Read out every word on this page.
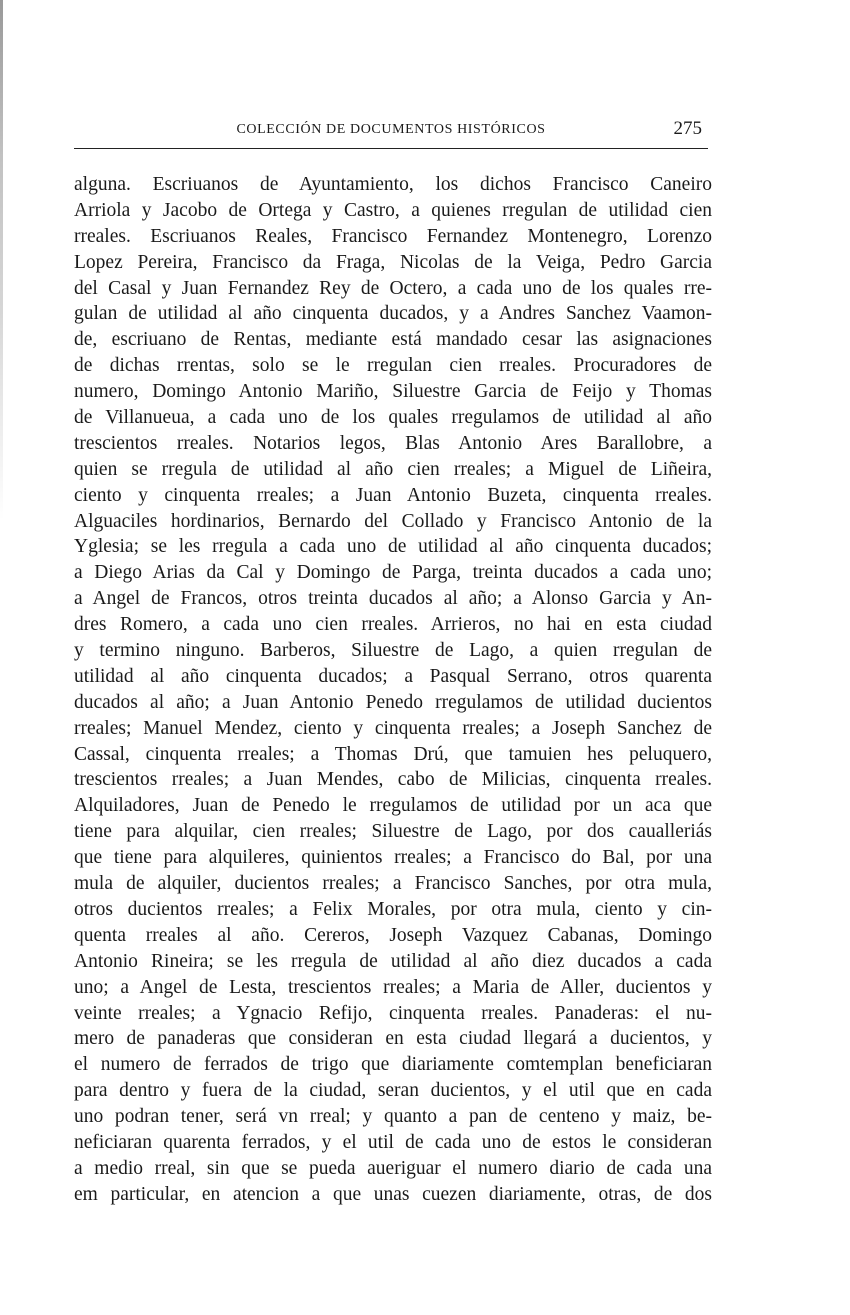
COLECCIÓN DE DOCUMENTOS HISTÓRICOS	275
alguna. Escriuanos de Ayuntamiento, los dichos Francisco Caneiro
Arriola y Jacobo de Ortega y Castro, a quienes rregulan de utilidad cien
rreales. Escriuanos Reales, Francisco Fernandez Montenegro, Lorenzo
Lopez Pereira, Francisco da Fraga, Nicolas de la Veiga, Pedro Garcia
del Casal y Juan Fernandez Rey de Octero, a cada uno de los quales rre-
gulan de utilidad al año cinquenta ducados, y a Andres Sanchez Vaamon-
de, escriuano de Rentas, mediante está mandado cesar las asignaciones
de dichas rrentas, solo se le rregulan cien rreales. Procuradores de
numero, Domingo Antonio Mariño, Siluestre Garcia de Feijo y Thomas
de Villanueua, a cada uno de los quales rregulamos de utilidad al año
trescientos rreales. Notarios legos, Blas Antonio Ares Barallobre, a
quien se rregula de utilidad al año cien rreales; a Miguel de Liñeira,
ciento y cinquenta rreales; a Juan Antonio Buzeta, cinquenta rreales.
Alguaciles hordinarios, Bernardo del Collado y Francisco Antonio de la
Yglesia; se les rregula a cada uno de utilidad al año cinquenta ducados;
a Diego Arias da Cal y Domingo de Parga, treinta ducados a cada uno;
a Angel de Francos, otros treinta ducados al año; a Alonso Garcia y An-
dres Romero, a cada uno cien rreales. Arrieros, no hai en esta ciudad
y termino ninguno. Barberos, Siluestre de Lago, a quien rregulan de
utilidad al año cinquenta ducados; a Pasqual Serrano, otros quarenta
ducados al año; a Juan Antonio Penedo rregulamos de utilidad ducientos
rreales; Manuel Mendez, ciento y cinquenta rreales; a Joseph Sanchez de
Cassal, cinquenta rreales; a Thomas Drú, que tamuien hes peluquero,
trescientos rreales; a Juan Mendes, cabo de Milicias, cinquenta rreales.
Alquiladores, Juan de Penedo le rregulamos de utilidad por un aca que
tiene para alquilar, cien rreales; Siluestre de Lago, por dos caualleriás
que tiene para alquileres, quinientos rreales; a Francisco do Bal, por una
mula de alquiler, ducientos rreales; a Francisco Sanches, por otra mula,
otros ducientos rreales; a Felix Morales, por otra mula, ciento y cin-
quenta rreales al año. Cereros, Joseph Vazquez Cabanas, Domingo
Antonio Rineira; se les rregula de utilidad al año diez ducados a cada
uno; a Angel de Lesta, trescientos rreales; a Maria de Aller, ducientos y
veinte rreales; a Ygnacio Refijo, cinquenta rreales. Panaderas: el nu-
mero de panaderas que consideran en esta ciudad llegará a ducientos, y
el numero de ferrados de trigo que diariamente comtemplan beneficiaran
para dentro y fuera de la ciudad, seran ducientos, y el util que en cada
uno podran tener, será vn rreal; y quanto a pan de centeno y maiz, be-
neficiaran quarenta ferrados, y el util de cada uno de estos le consideran
a medio rreal, sin que se pueda aueriguar el numero diario de cada una
em particular, en atencion a que unas cuezen diariamente, otras, de dos
